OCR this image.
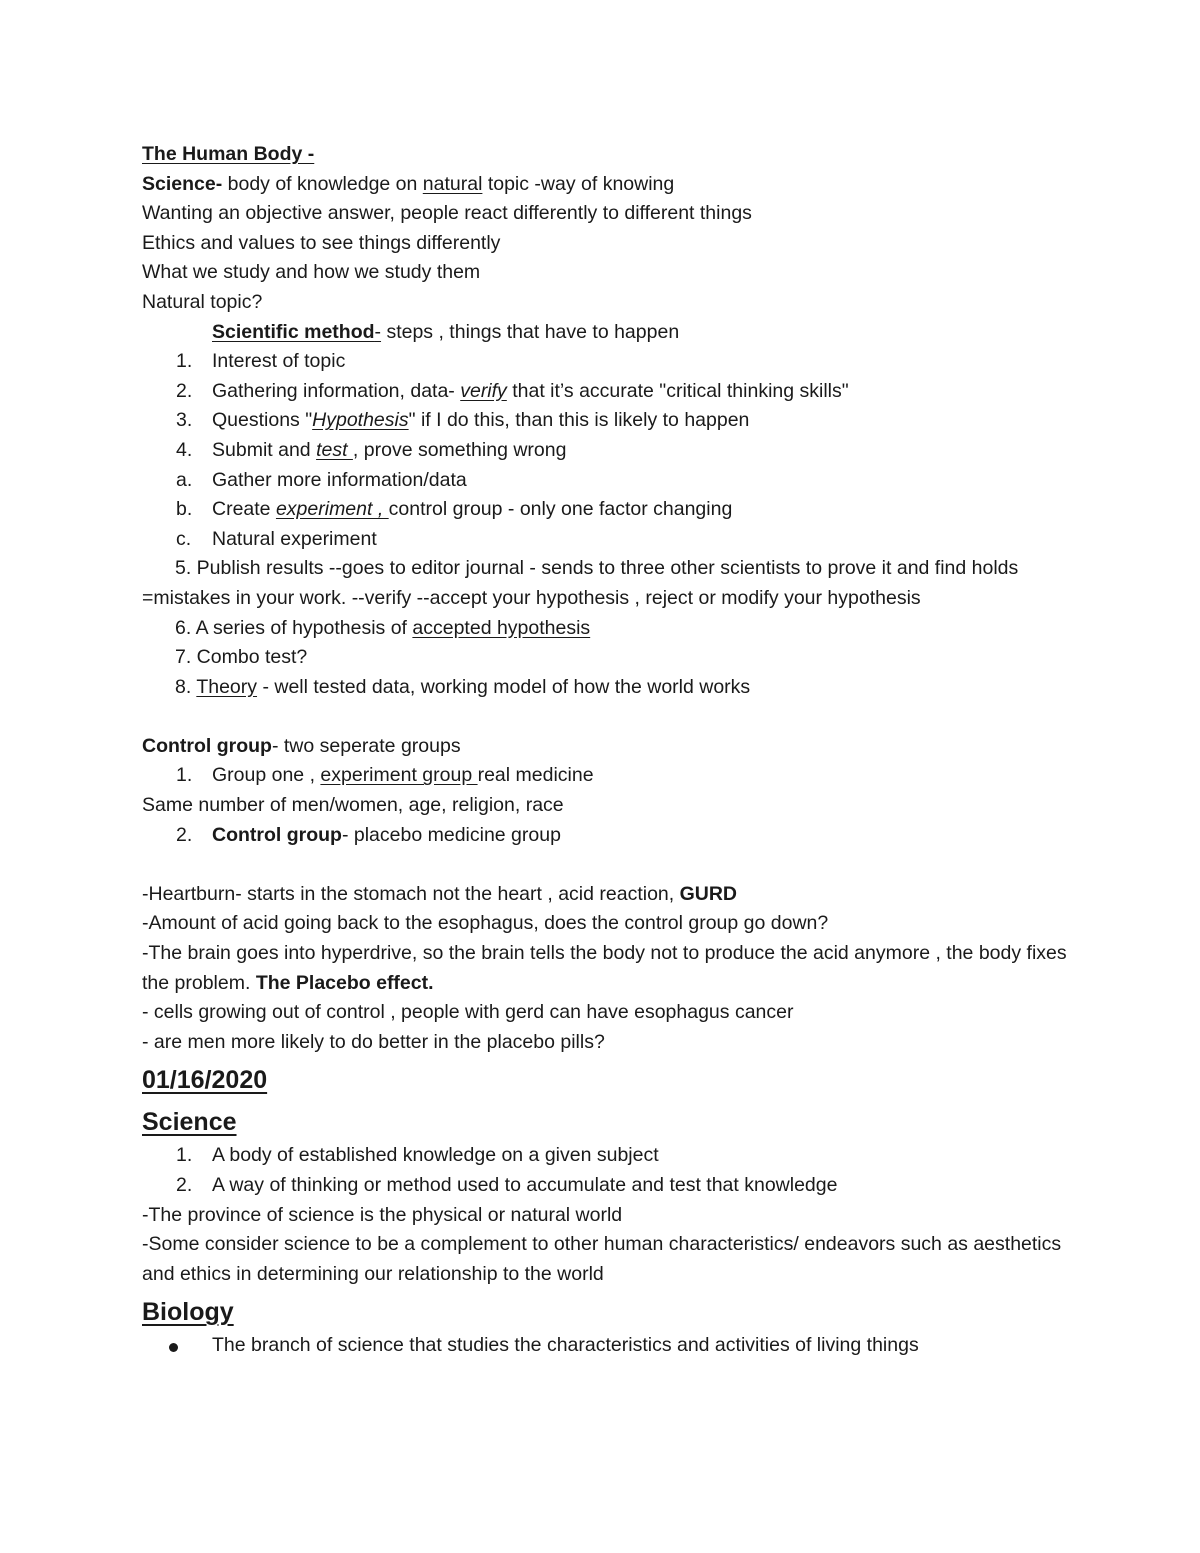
The Human Body -
Science- body of knowledge on natural topic -way of knowing
Wanting an objective answer, people react differently to different things
Ethics and values to see things differently
What we study and how we study them
Natural topic?
Scientific method- steps , things that have to happen
1. Interest of topic
2. Gathering information, data- verify that it’s accurate "critical thinking skills"
3. Questions "Hypothesis" if I do this, than this is likely to happen
4. Submit and test , prove something wrong
a. Gather more information/data
b. Create experiment , control group - only one factor changing
c. Natural experiment
5. Publish results --goes to editor journal - sends to three other scientists to prove it and find holds =mistakes in your work. --verify --accept your hypothesis , reject or modify your hypothesis
6. A series of hypothesis of accepted hypothesis
7. Combo test?
8. Theory - well tested data, working model of how the world works
Control group- two seperate groups
1. Group one , experiment group real medicine
Same number of men/women, age, religion, race
2. Control group- placebo medicine group
-Heartburn- starts in the stomach not the heart , acid reaction, GURD
-Amount of acid going back to the esophagus, does the control group go down?
-The brain goes into hyperdrive, so the brain tells the body not to produce the acid anymore , the body fixes the problem. The Placebo effect.
- cells growing out of control , people with gerd can have esophagus cancer
- are men more likely to do better in the placebo pills?
01/16/2020
Science
1. A body of established knowledge on a given subject
2. A way of thinking or method used to accumulate and test that knowledge
-The province of science is the physical or natural world
-Some consider science to be a complement to other human characteristics/ endeavors such as aesthetics and ethics in determining our relationship to the world
Biology
The branch of science that studies the characteristics and activities of living things
